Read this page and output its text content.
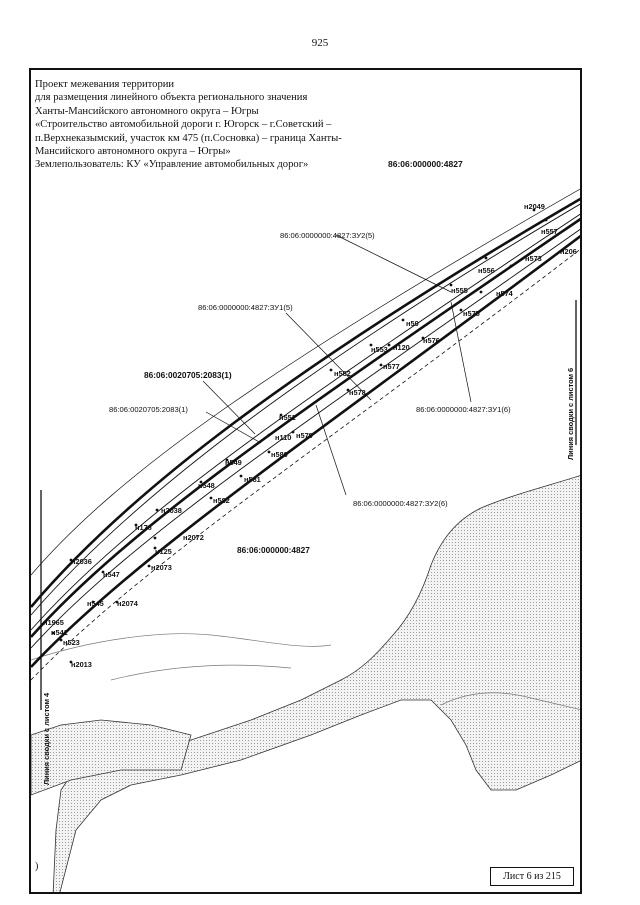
925
86:06:0000000:4827:ЗУ2(5)
86:06:0000000:4827:ЗУ1(5)
86:06:0000000:4827:ЗУ1(6)
86:06:0000000:4827:ЗУ2(6)
86:06:0020705:2083(1)
86:06:0020705:2083(1)
86:06:000000:4827
н2049
н557
н206
н556
н573
н555	н574
н575
н59
н576
н553 н120
н577
н552
н578
н551
н110 н579
н580
н549
н581
н548
н582
н2038
н176
н2072
н125
н2036
н547
н2073
н545 н2074
н1965
н541
н523
н2013
Линия сводки с листом 6
Линия сводки с листом 4
Проект межевания территории
для размещения линейного объекта регионального значения
Ханты-Мансийского автономного округа – Югры
«Строительство автомобильной дороги г. Югорск – г.Советский –
п.Верхнеказымский, участок км 475 (п.Сосновка) – граница Ханты-
Мансийского автономного округа – Югры»
Землепользователь: КУ «Управление автомобильных дорог»	86:06:000000:4827
)
Лист 6 из 215
